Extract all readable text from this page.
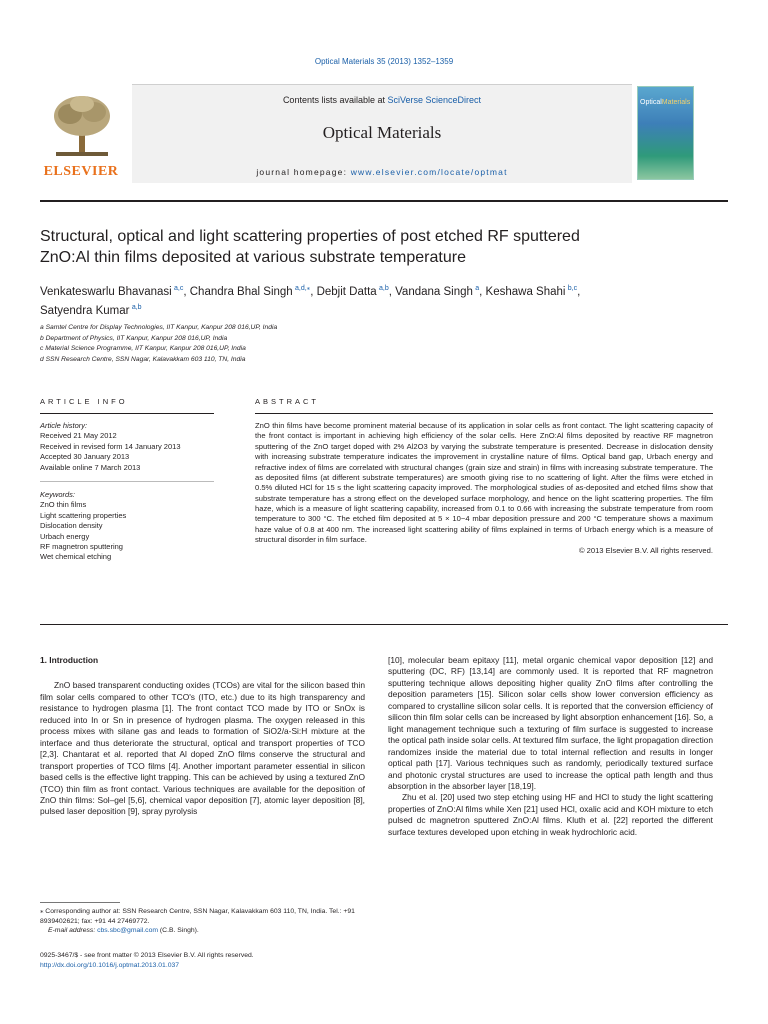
Optical Materials 35 (2013) 1352–1359
ELSEVIER
Contents lists available at SciVerse ScienceDirect
Optical Materials
journal homepage: www.elsevier.com/locate/optmat
OpticalMaterials
Structural, optical and light scattering properties of post etched RF sputtered
ZnO:Al thin films deposited at various substrate temperature
Venkateswarlu Bhavanasi  $^{a,c}$, Chandra Bhal Singh  $^{a,d,⁎}$, Debjit Datta  $^{a,b}$, Vandana Singh  $^a$, Keshawa Shahi  $^{b,c}$,
Satyendra Kumar  $^{a,b}$
a Samtel Centre for Display Technologies, IIT Kanpur, Kanpur 208 016,UP, India
b Department of Physics, IIT Kanpur, Kanpur 208 016,UP, India
c Material Science Programme, IIT Kanpur, Kanpur 208 016,UP, India
d SSN Research Centre, SSN Nagar, Kalavakkam 603 110, TN, India
ARTICLE INFO	ABSTRACT
Article history:
Received 21 May 2012
Received in revised form 14 January 2013
Accepted 30 January 2013
Available online 7 March 2013
Keywords:
ZnO thin films
Light scattering properties
Dislocation density
Urbach energy
RF magnetron sputtering
Wet chemical etching

ZnO thin films have become prominent material because of its application in solar cells as front contact. The light scattering capacity of the front contact is important in achieving high efficiency of the solar cells. Here ZnO:Al films deposited by reactive RF magnetron sputtering of the ZnO target doped with 2% Al2O3 by varying the substrate temperature is presented. Decrease in dislocation density with increasing substrate temperature indicates the improvement in crystalline nature of films. Optical band gap, Urbach energy and refractive index of films are correlated with structural changes (grain size and strain) in films with increasing substrate temperature. The as deposited films (at different substrate temperatures) are smooth giving rise to no scattering of light. After the films were etched in 0.5% diluted HCl for 15 s the light scattering capacity improved. The morphological studies of as-deposited and etched films show that substrate temperature has a strong effect on the developed surface morphology, and hence on the light scattering properties. The film haze, which is a measure of light scattering capability, increased from 0.1 to 0.66 with increasing the substrate temperature from room temperature to 300 °C. The etched film deposited at 5 × 10−4 mbar deposition pressure and 200 °C temperature shows a maximum haze value of 0.8 at 400 nm. The increased light scattering ability of films explained in terms of Urbach energy which is a measure of structural disorder in film surface.

© 2013 Elsevier B.V. All rights reserved.

1. Introduction

ZnO based transparent conducting oxides (TCOs) are vital for the silicon based thin film solar cells compared to other TCO's (ITO, etc.) due to its high transparency and resistance to hydrogen plasma [1]. The front contact TCO made by ITO or SnOx is reduced into In or Sn in presence of hydrogen plasma. The oxygen released in this process mixes with silane gas and leads to formation of SiO2/a-Si:H mixture at the interface and thus deteriorate the structural, optical and transport properties of TCO [2,3]. Chantarat et al. reported that Al doped ZnO films conserve the structural and transport properties of TCO films [4]. Another important parameter essential in silicon based cells is the effective light trapping. This can be achieved by using a textured ZnO (TCO) thin film as front contact. Various techniques are available for the deposition of ZnO thin films: Sol–gel [5,6], chemical vapor deposition [7], atomic layer deposition [8], pulsed laser deposition [9], spray pyrolysis

[10], molecular beam epitaxy [11], metal organic chemical vapor deposition [12] and sputtering (DC, RF) [13,14] are commonly used. It is reported that RF magnetron sputtering technique allows depositing higher quality ZnO films after controlling the deposition parameters [15]. Silicon solar cells show lower conversion efficiency as compared to crystalline silicon solar cells. It is reported that the conversion efficiency of silicon thin film solar cells can be increased by light absorption enhancement [16]. So, a light management technique such a texturing of film surface is suggested to increase the optical path inside solar cells. At textured film surface, the light propagation direction randomizes inside the material due to total internal reflection and results in longer optical path [17]. Various techniques such as randomly, periodically textured surface and photonic crystal structures are used to increase the optical path length and thus absorption in the absorber layer [18,19].

Zhu et al. [20] used two step etching using HF and HCl to study the light scattering properties of ZnO:Al films while Xen [21] used HCl, oxalic acid and KOH mixture to etch pulsed dc magnetron sputtered ZnO:Al films. Kluth et al. [22] reported the different surface textures developed upon etching in weak hydrochloric acid.

⁎ Corresponding author at: SSN Research Centre, SSN Nagar, Kalavakkam 603 110, TN, India. Tel.: +91 8939402621; fax: +91 44 27469772.
E-mail address: cbs.sbc@gmail.com (C.B. Singh).
0925-3467/$ - see front matter © 2013 Elsevier B.V. All rights reserved.
http://dx.doi.org/10.1016/j.optmat.2013.01.037
